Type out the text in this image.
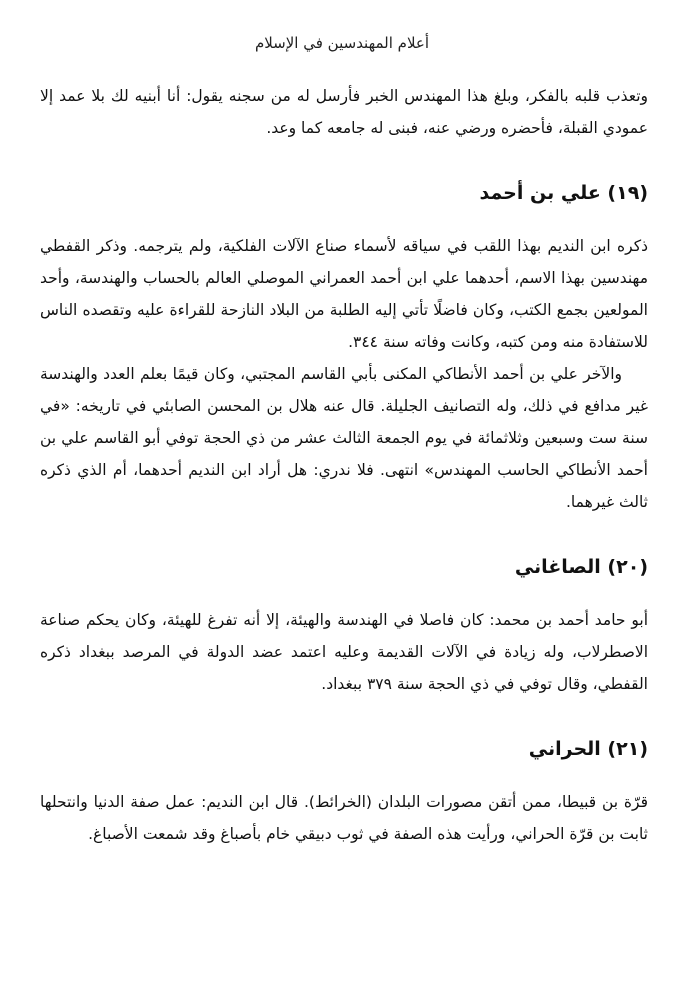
أعلام المهندسين في الإسلام

وتعذب قلبه بالفكر، وبلغ هذا المهندس الخبر فأرسل له من سجنه يقول: أنا أبنيه لك بلا عمد إلا عمودي القبلة، فأحضره ورضي عنه، فبنى له جامعه كما وعد.

(١٩) علي بن أحمد

ذكره ابن النديم بهذا اللقب في سياقه لأسماء صناع الآلات الفلكية، ولم يترجمه. وذكر القفطي مهندسين بهذا الاسم، أحدهما علي ابن أحمد العمراني الموصلي العالم بالحساب والهندسة، وأحد المولعين بجمع الكتب، وكان فاضلًا تأتي إليه الطلبة من البلاد النازحة للقراءة عليه وتقصده الناس للاستفادة منه ومن كتبه، وكانت وفاته سنة ٣٤٤.

والآخر علي بن أحمد الأنطاكي المكنى بأبي القاسم المجتبي، وكان قيمًا بعلم العدد والهندسة غير مدافع في ذلك، وله التصانيف الجليلة. قال عنه هلال بن المحسن الصابئي في تاريخه: «في سنة ست وسبعين وثلاثمائة في يوم الجمعة الثالث عشر من ذي الحجة توفي أبو القاسم علي بن أحمد الأنطاكي الحاسب المهندس» انتهى. فلا ندري: هل أراد ابن النديم أحدهما، أم الذي ذكره ثالث غيرهما.

(٢٠) الصاغاني

أبو حامد أحمد بن محمد: كان فاصلا في الهندسة والهيئة، إلا أنه تفرغ للهيئة، وكان يحكم صناعة الاصطرلاب، وله زيادة في الآلات القديمة وعليه اعتمد عضد الدولة في المرصد ببغداد ذكره القفطي، وقال توفي في ذي الحجة سنة ٣٧٩ ببغداد.

(٢١) الحراني

قرّة بن قبيطا، ممن أتقن مصورات البلدان (الخرائط). قال ابن النديم: عمل صفة الدنيا وانتحلها ثابت بن قرّة الحراني، ورأيت هذه الصفة في ثوب دبيقي خام بأصباغ وقد شمعت الأصباغ.
